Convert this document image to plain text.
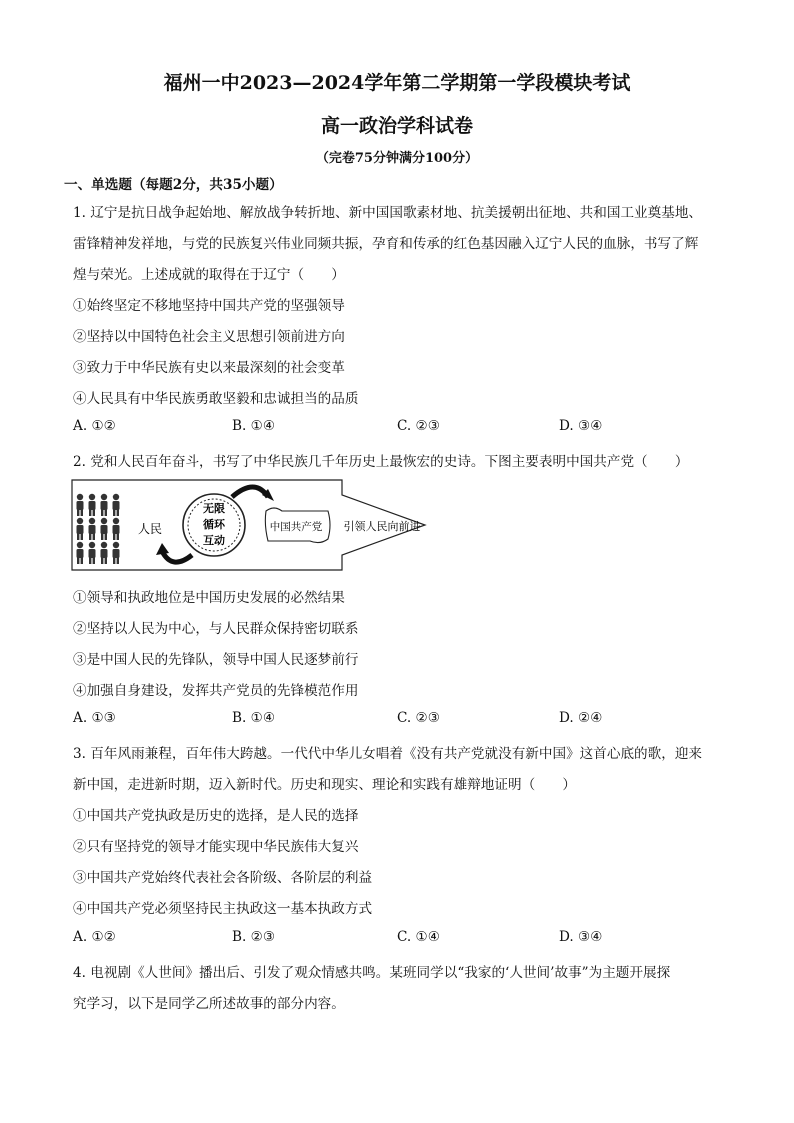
福州一中2023—2024学年第二学期第一学段模块考试
高一政治学科试卷
（完卷75分钟满分100分）
一、单选题（每题2分，共35小题）
1. 辽宁是抗日战争起始地、解放战争转折地、新中国国歌素材地、抗美援朝出征地、共和国工业奠基地、
雷锋精神发祥地，与党的民族复兴伟业同频共振，孕育和传承的红色基因融入辽宁人民的血脉，书写了辉
煌与荣光。上述成就的取得在于辽宁（　　）
①始终坚定不移地坚持中国共产党的坚强领导
②坚持以中国特色社会主义思想引领前进方向
③致力于中华民族有史以来最深刻的社会变革
④人民具有中华民族勇敢坚毅和忠诚担当的品质
A. ①②	B. ①④	C. ②③	D. ③④
2. 党和人民百年奋斗，书写了中华民族几千年历史上最恢宏的史诗。下图主要表明中国共产党（　　）
人民
无限
循环
互动
中国共产党 引领人民向前进
①领导和执政地位是中国历史发展的必然结果
②坚持以人民为中心，与人民群众保持密切联系
③是中国人民的先锋队，领导中国人民逐梦前行
④加强自身建设，发挥共产党员的先锋模范作用
A. ①③	B. ①④	C. ②③	D. ②④
3. 百年风雨兼程，百年伟大跨越。一代代中华儿女唱着《没有共产党就没有新中国》这首心底的歌，迎来
新中国，走进新时期，迈入新时代。历史和现实、理论和实践有雄辩地证明（　　）
①中国共产党执政是历史的选择，是人民的选择
②只有坚持党的领导才能实现中华民族伟大复兴
③中国共产党始终代表社会各阶级、各阶层的利益
④中国共产党必须坚持民主执政这一基本执政方式
A. ①②	B. ②③	C. ①④	D. ③④
4. 电视剧《人世间》播出后、引发了观众情感共鸣。某班同学以“我家的‘人世间’故事”为主题开展探
究学习，以下是同学乙所述故事的部分内容。
